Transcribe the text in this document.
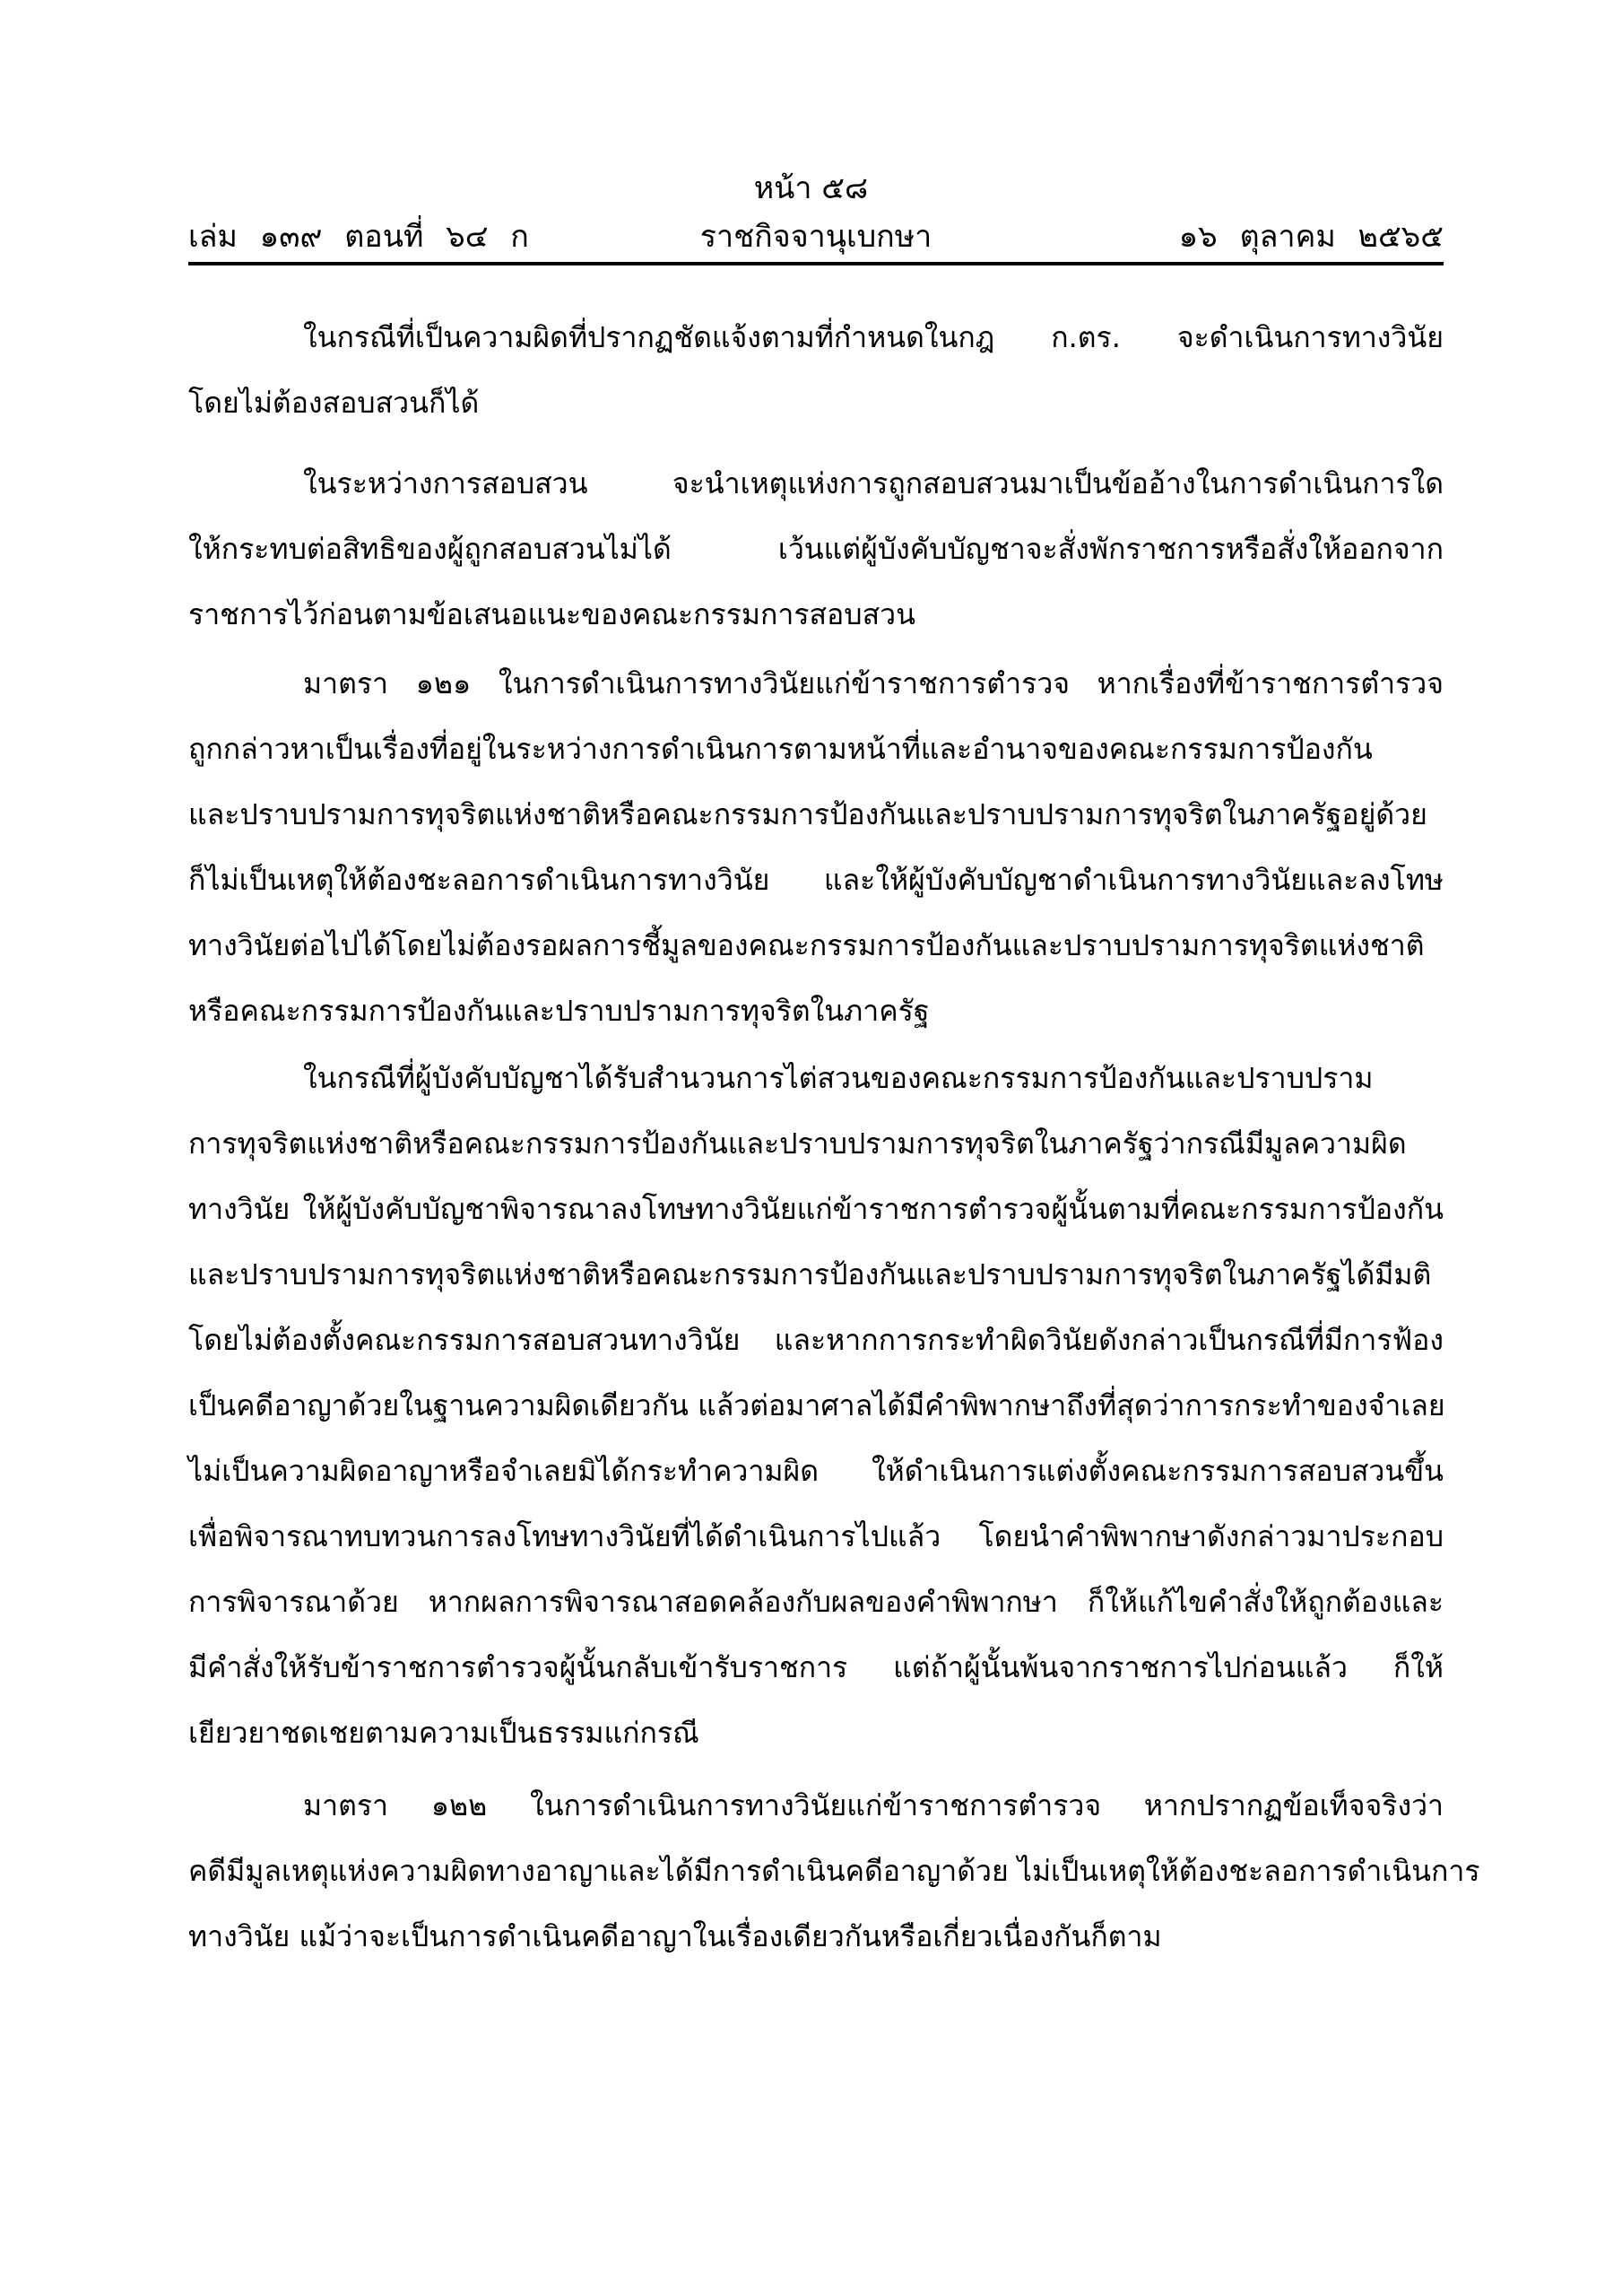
หน้า ๕๘
เล่ม ๑๓๙ ตอนที่ ๖๔ ก	ราชกิจจานุเบกษา	๑๖ ตุลาคม ๒๕๖๕
ในกรณีที่เป็นความผิดที่ปรากฏชัดแจ้งตามที่กำหนดในกฎ ก.ตร. จะดำเนินการทางวินัย
โดยไม่ต้องสอบสวนก็ได้
ในระหว่างการสอบสวน จะนำเหตุแห่งการถูกสอบสวนมาเป็นข้ออ้างในการดำเนินการใด
ให้กระทบต่อสิทธิของผู้ถูกสอบสวนไม่ได้ เว้นแต่ผู้บังคับบัญชาจะสั่งพักราชการหรือสั่งให้ออกจาก
ราชการไว้ก่อนตามข้อเสนอแนะของคณะกรรมการสอบสวน
มาตรา ๑๒๑ ในการดำเนินการทางวินัยแก่ข้าราชการตำรวจ หากเรื่องที่ข้าราชการตำรวจ
ถูกกล่าวหาเป็นเรื่องที่อยู่ในระหว่างการดำเนินการตามหน้าที่และอำนาจของคณะกรรมการป้องกัน
และปราบปรามการทุจริตแห่งชาติหรือคณะกรรมการป้องกันและปราบปรามการทุจริตในภาครัฐอยู่ด้วย
ก็ไม่เป็นเหตุให้ต้องชะลอการดำเนินการทางวินัย และให้ผู้บังคับบัญชาดำเนินการทางวินัยและลงโทษ
ทางวินัยต่อไปได้โดยไม่ต้องรอผลการชี้มูลของคณะกรรมการป้องกันและปราบปรามการทุจริตแห่งชาติ
หรือคณะกรรมการป้องกันและปราบปรามการทุจริตในภาครัฐ
ในกรณีที่ผู้บังคับบัญชาได้รับสำนวนการไต่สวนของคณะกรรมการป้องกันและปราบปราม
การทุจริตแห่งชาติหรือคณะกรรมการป้องกันและปราบปรามการทุจริตในภาครัฐว่ากรณีมีมูลความผิด
ทางวินัย ให้ผู้บังคับบัญชาพิจารณาลงโทษทางวินัยแก่ข้าราชการตำรวจผู้นั้นตามที่คณะกรรมการป้องกัน
และปราบปรามการทุจริตแห่งชาติหรือคณะกรรมการป้องกันและปราบปรามการทุจริตในภาครัฐได้มีมติ
โดยไม่ต้องตั้งคณะกรรมการสอบสวนทางวินัย และหากการกระทำผิดวินัยดังกล่าวเป็นกรณีที่มีการฟ้อง
เป็นคดีอาญาด้วยในฐานความผิดเดียวกัน แล้วต่อมาศาลได้มีคำพิพากษาถึงที่สุดว่าการกระทำของจำเลย
ไม่เป็นความผิดอาญาหรือจำเลยมิได้กระทำความผิด ให้ดำเนินการแต่งตั้งคณะกรรมการสอบสวนขึ้น
เพื่อพิจารณาทบทวนการลงโทษทางวินัยที่ได้ดำเนินการไปแล้ว โดยนำคำพิพากษาดังกล่าวมาประกอบ
การพิจารณาด้วย หากผลการพิจารณาสอดคล้องกับผลของคำพิพากษา ก็ให้แก้ไขคำสั่งให้ถูกต้องและ
มีคำสั่งให้รับข้าราชการตำรวจผู้นั้นกลับเข้ารับราชการ แต่ถ้าผู้นั้นพ้นจากราชการไปก่อนแล้ว ก็ให้
เยียวยาชดเชยตามความเป็นธรรมแก่กรณี
มาตรา ๑๒๒ ในการดำเนินการทางวินัยแก่ข้าราชการตำรวจ หากปรากฏข้อเท็จจริงว่า
คดีมีมูลเหตุแห่งความผิดทางอาญาและได้มีการดำเนินคดีอาญาด้วย ไม่เป็นเหตุให้ต้องชะลอการดำเนินการ
ทางวินัย แม้ว่าจะเป็นการดำเนินคดีอาญาในเรื่องเดียวกันหรือเกี่ยวเนื่องกันก็ตาม
